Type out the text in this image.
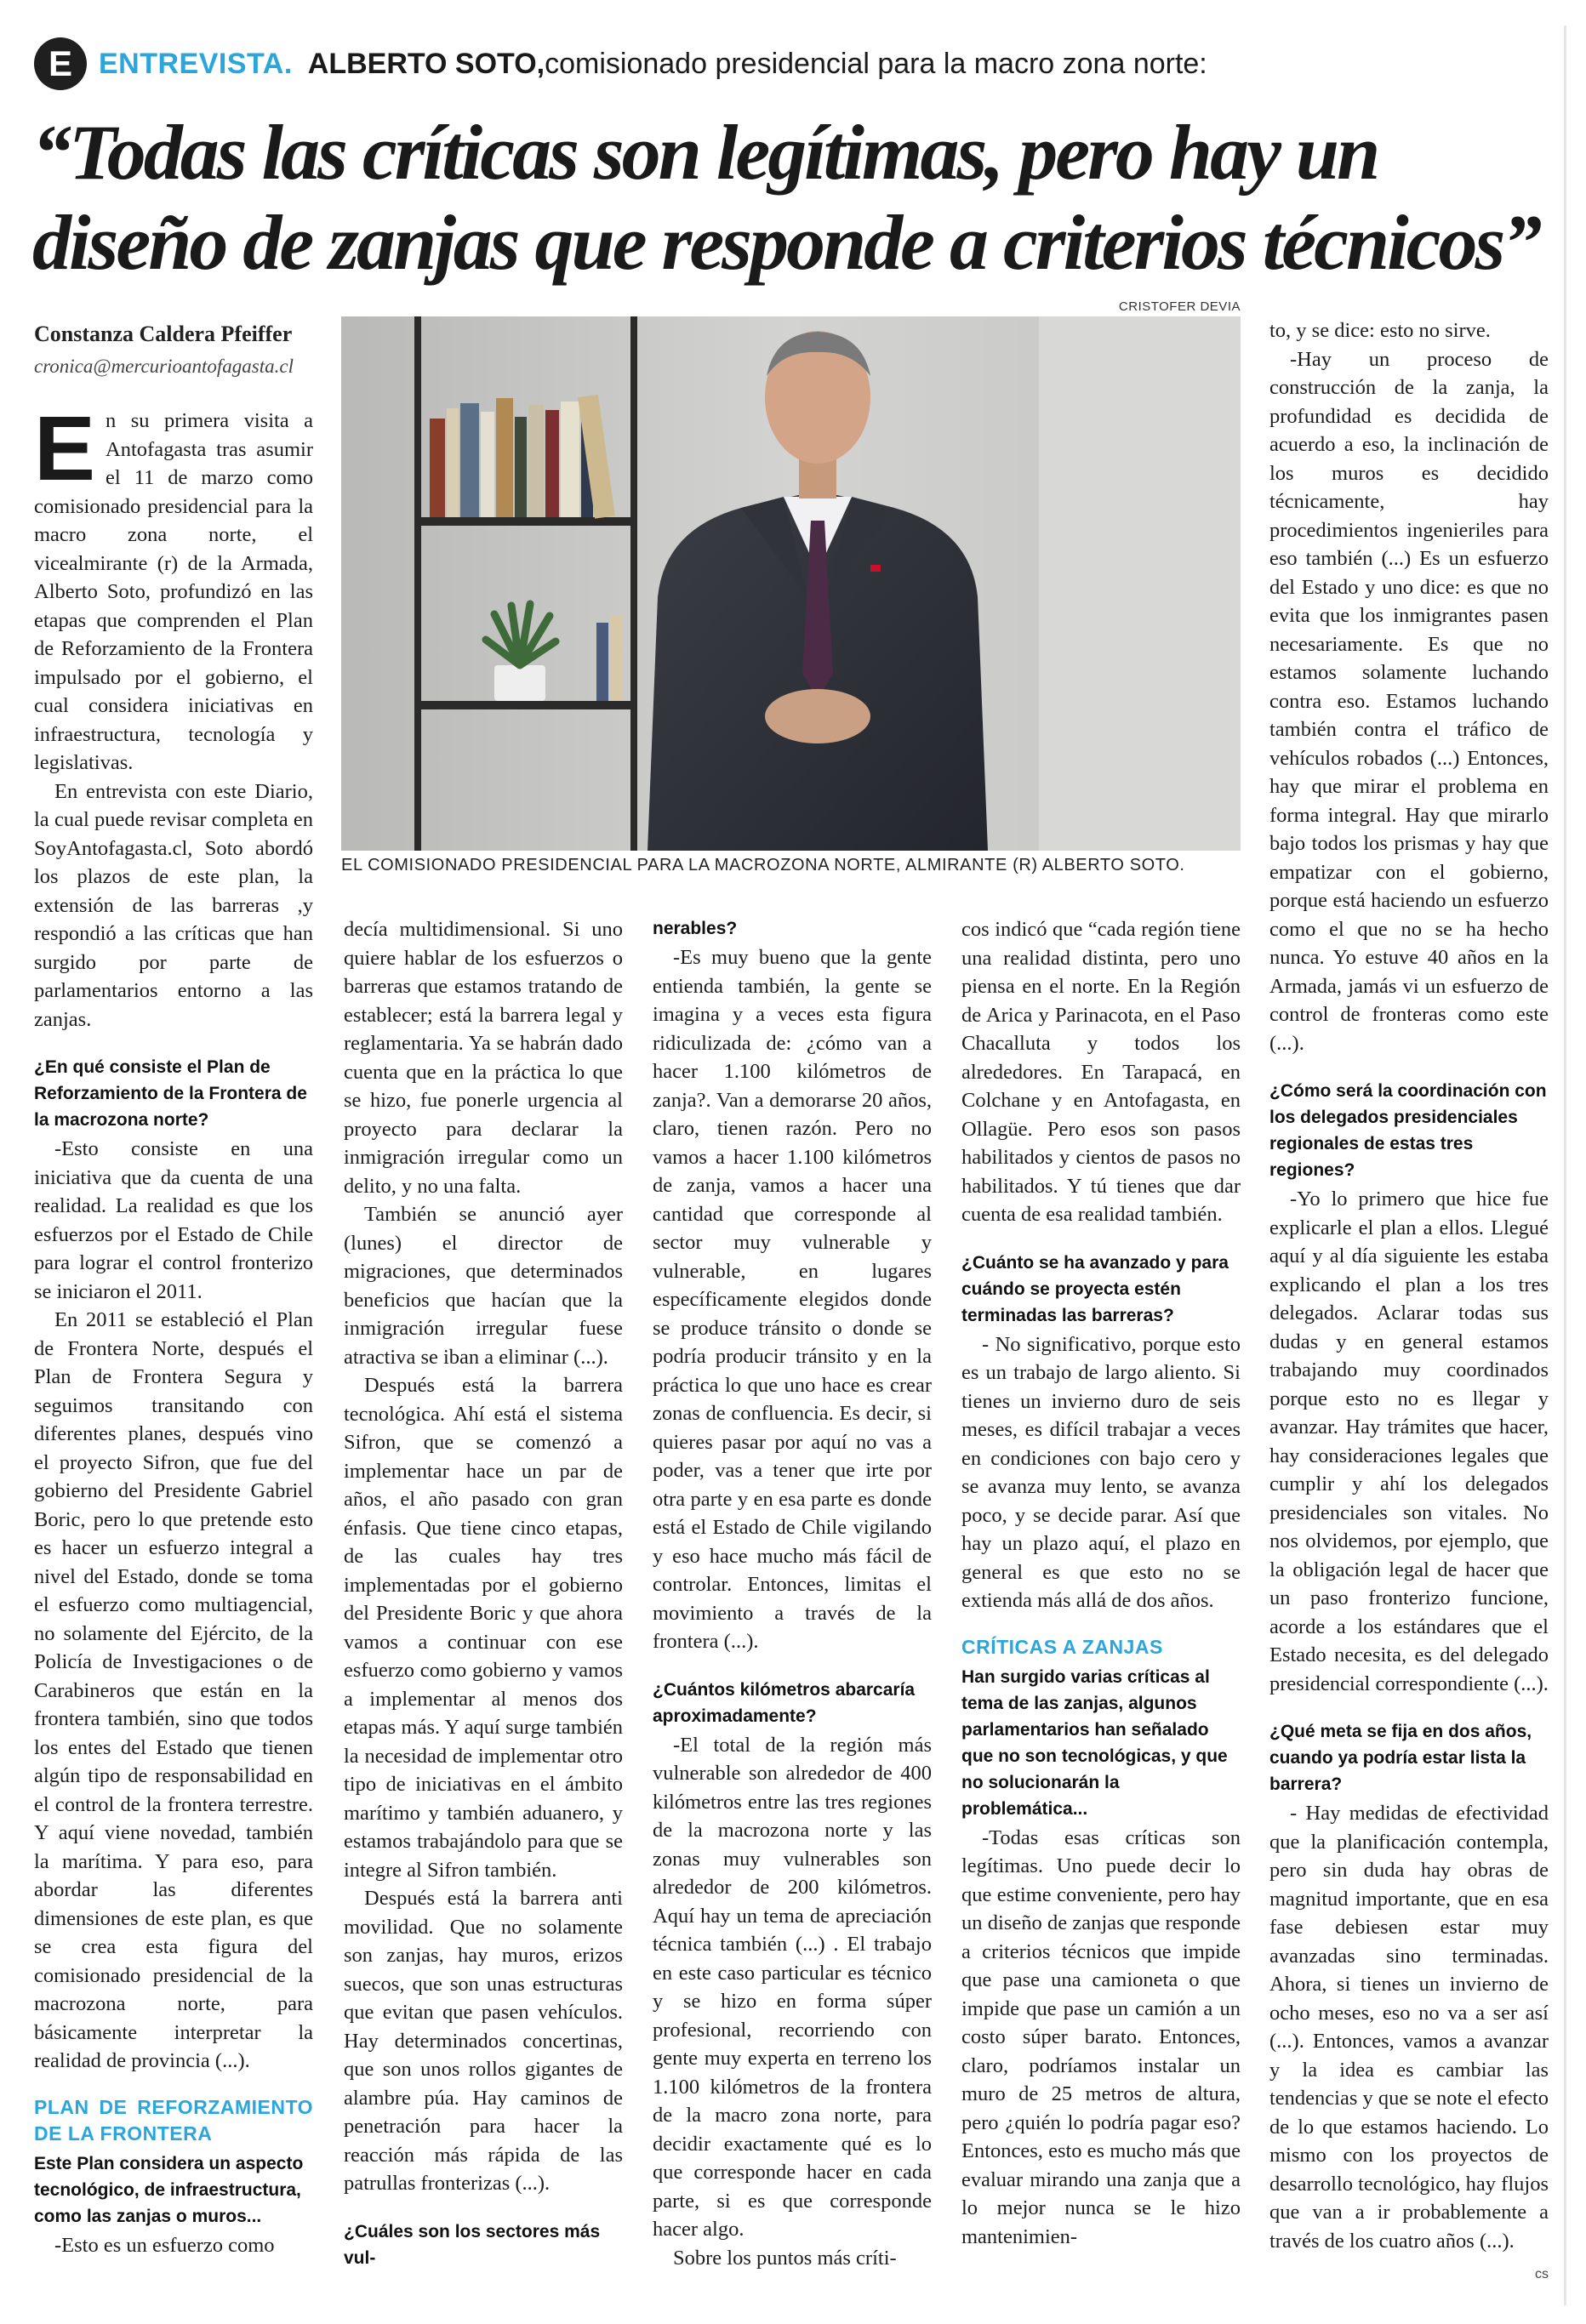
E ENTREVISTA. ALBERTO SOTO, comisionado presidencial para la macro zona norte:
“Todas las críticas son legítimas, pero hay un diseño de zanjas que responde a criterios técnicos”
Constanza Caldera Pfeiffer
cronica@mercurioantofagasta.cl
CRISTOFER DEVIA

EL COMISIONADO PRESIDENCIAL PARA LA MACROZONA NORTE, ALMIRANTE (R) ALBERTO SOTO.

En su primera visita a Antofagasta tras asumir el 11 de marzo como comisionado presidencial para la macro zona norte, el vicealmirante (r) de la Armada, Alberto Soto, profundizó en las etapas que comprenden el Plan de Reforzamiento de la Frontera impulsado por el gobierno, el cual considera iniciativas en infraestructura, tecnología y legislativas.

En entrevista con este Diario, la cual puede revisar completa en SoyAntofagasta.cl, Soto abordó los plazos de este plan, la extensión de las barreras ,y respondió a las críticas que han surgido por parte de parlamentarios entorno a las zanjas.

¿En qué consiste el Plan de Reforzamiento de la Frontera de la macrozona norte?

-Esto consiste en una iniciativa que da cuenta de una realidad. La realidad es que los esfuerzos por el Estado de Chile para lograr el control fronterizo se iniciaron el 2011.

En 2011 se estableció el Plan de Frontera Norte, después el Plan de Frontera Segura y seguimos transitando con diferentes planes, después vino el proyecto Sifron, que fue del gobierno del Presidente Gabriel Boric, pero lo que pretende esto es hacer un esfuerzo integral a nivel del Estado, donde se toma el esfuerzo como multiagencial, no solamente del Ejército, de la Policía de Investigaciones o de Carabineros que están en la frontera también, sino que todos los entes del Estado que tienen algún tipo de responsabilidad en el control de la frontera terrestre. Y aquí viene novedad, también la marítima. Y para eso, para abordar las diferentes dimensiones de este plan, es que se crea esta figura del comisionado presidencial de la macrozona norte, para básicamente interpretar la realidad de provincia (...).

PLAN DE REFORZAMIENTO DE LA FRONTERA

Este Plan considera un aspecto tecnológico, de infraestructura, como las zanjas o muros...

-Esto es un esfuerzo como

decía multidimensional. Si uno quiere hablar de los esfuerzos o barreras que estamos tratando de establecer; está la barrera legal y reglamentaria. Ya se habrán dado cuenta que en la práctica lo que se hizo, fue ponerle urgencia al proyecto para declarar la inmigración irregular como un delito, y no una falta.

También se anunció ayer (lunes) el director de migraciones, que determinados beneficios que hacían que la inmigración irregular fuese atractiva se iban a eliminar (...).

Después está la barrera tecnológica. Ahí está el sistema Sifron, que se comenzó a implementar hace un par de años, el año pasado con gran énfasis. Que tiene cinco etapas, de las cuales hay tres implementadas por el gobierno del Presidente Boric y que ahora vamos a continuar con ese esfuerzo como gobierno y vamos a implementar al menos dos etapas más. Y aquí surge también la necesidad de implementar otro tipo de iniciativas en el ámbito marítimo y también aduanero, y estamos trabajándolo para que se integre al Sifron también.

Después está la barrera anti movilidad. Que no solamente son zanjas, hay muros, erizos suecos, que son unas estructuras que evitan que pasen vehículos. Hay determinados concertinas, que son unos rollos gigantes de alambre púa. Hay caminos de penetración para hacer la reacción más rápida de las patrullas fronterizas (...).

¿Cuáles son los sectores más vul-

nerables?

-Es muy bueno que la gente entienda también, la gente se imagina y a veces esta figura ridiculizada de: ¿cómo van a hacer 1.100 kilómetros de zanja?. Van a demorarse 20 años, claro, tienen razón. Pero no vamos a hacer 1.100 kilómetros de zanja, vamos a hacer una cantidad que corresponde al sector muy vulnerable y vulnerable, en lugares específicamente elegidos donde se produce tránsito o donde se podría producir tránsito y en la práctica lo que uno hace es crear zonas de confluencia. Es decir, si quieres pasar por aquí no vas a poder, vas a tener que irte por otra parte y en esa parte es donde está el Estado de Chile vigilando y eso hace mucho más fácil de controlar. Entonces, limitas el movimiento a través de la frontera (...).

¿Cuántos kilómetros abarcaría aproximadamente?

-El total de la región más vulnerable son alrededor de 400 kilómetros entre las tres regiones de la macrozona norte y las zonas muy vulnerables son alrededor de 200 kilómetros. Aquí hay un tema de apreciación técnica también (...) . El trabajo en este caso particular es técnico y se hizo en forma súper profesional, recorriendo con gente muy experta en terreno los 1.100 kilómetros de la frontera de la macro zona norte, para decidir exactamente qué es lo que corresponde hacer en cada parte, si es que corresponde hacer algo.

Sobre los puntos más críti-

cos indicó que “cada región tiene una realidad distinta, pero uno piensa en el norte. En la Región de Arica y Parinacota, en el Paso Chacalluta y todos los alrededores. En Tarapacá, en Colchane y en Antofagasta, en Ollagüe. Pero esos son pasos habilitados y cientos de pasos no habilitados. Y tú tienes que dar cuenta de esa realidad también.

¿Cuánto se ha avanzado y para cuándo se proyecta estén terminadas las barreras?

- No significativo, porque esto es un trabajo de largo aliento. Si tienes un invierno duro de seis meses, es difícil trabajar a veces en condiciones con bajo cero y se avanza muy lento, se avanza poco, y se decide parar. Así que hay un plazo aquí, el plazo en general es que esto no se extienda más allá de dos años.

CRÍTICAS A ZANJAS

Han surgido varias críticas al tema de las zanjas, algunos parlamentarios han señalado que no son tecnológicas, y que no solucionarán la problemática...

-Todas esas críticas son legítimas. Uno puede decir lo que estime conveniente, pero hay un diseño de zanjas que responde a criterios técnicos que impide que pase una camioneta o que impide que pase un camión a un costo súper barato. Entonces, claro, podríamos instalar un muro de 25 metros de altura, pero ¿quién lo podría pagar eso? Entonces, esto es mucho más que evaluar mirando una zanja que a lo mejor nunca se le hizo mantenimien-

to, y se dice: esto no sirve.

-Hay un proceso de construcción de la zanja, la profundidad es decidida de acuerdo a eso, la inclinación de los muros es decidido técnicamente, hay procedimientos ingenieriles para eso también (...) Es un esfuerzo del Estado y uno dice: es que no evita que los inmigrantes pasen necesariamente. Es que no estamos solamente luchando contra eso. Estamos luchando también contra el tráfico de vehículos robados (...) Entonces, hay que mirar el problema en forma integral. Hay que mirarlo bajo todos los prismas y hay que empatizar con el gobierno, porque está haciendo un esfuerzo como el que no se ha hecho nunca. Yo estuve 40 años en la Armada, jamás vi un esfuerzo de control de fronteras como este (...).

¿Cómo será la coordinación con los delegados presidenciales regionales de estas tres regiones?

-Yo lo primero que hice fue explicarle el plan a ellos. Llegué aquí y al día siguiente les estaba explicando el plan a los tres delegados. Aclarar todas sus dudas y en general estamos trabajando muy coordinados porque esto no es llegar y avanzar. Hay trámites que hacer, hay consideraciones legales que cumplir y ahí los delegados presidenciales son vitales. No nos olvidemos, por ejemplo, que la obligación legal de hacer que un paso fronterizo funcione, acorde a los estándares que el Estado necesita, es del delegado presidencial correspondiente (...).

¿Qué meta se fija en dos años, cuando ya podría estar lista la barrera?

- Hay medidas de efectividad que la planificación contempla, pero sin duda hay obras de magnitud importante, que en esa fase debiesen estar muy avanzadas sino terminadas. Ahora, si tienes un invierno de ocho meses, eso no va a ser así (...). Entonces, vamos a avanzar y la idea es cambiar las tendencias y que se note el efecto de lo que estamos haciendo. Lo mismo con los proyectos de desarrollo tecnológico, hay flujos que van a ir probablemente a través de los cuatro años (...).

cs
